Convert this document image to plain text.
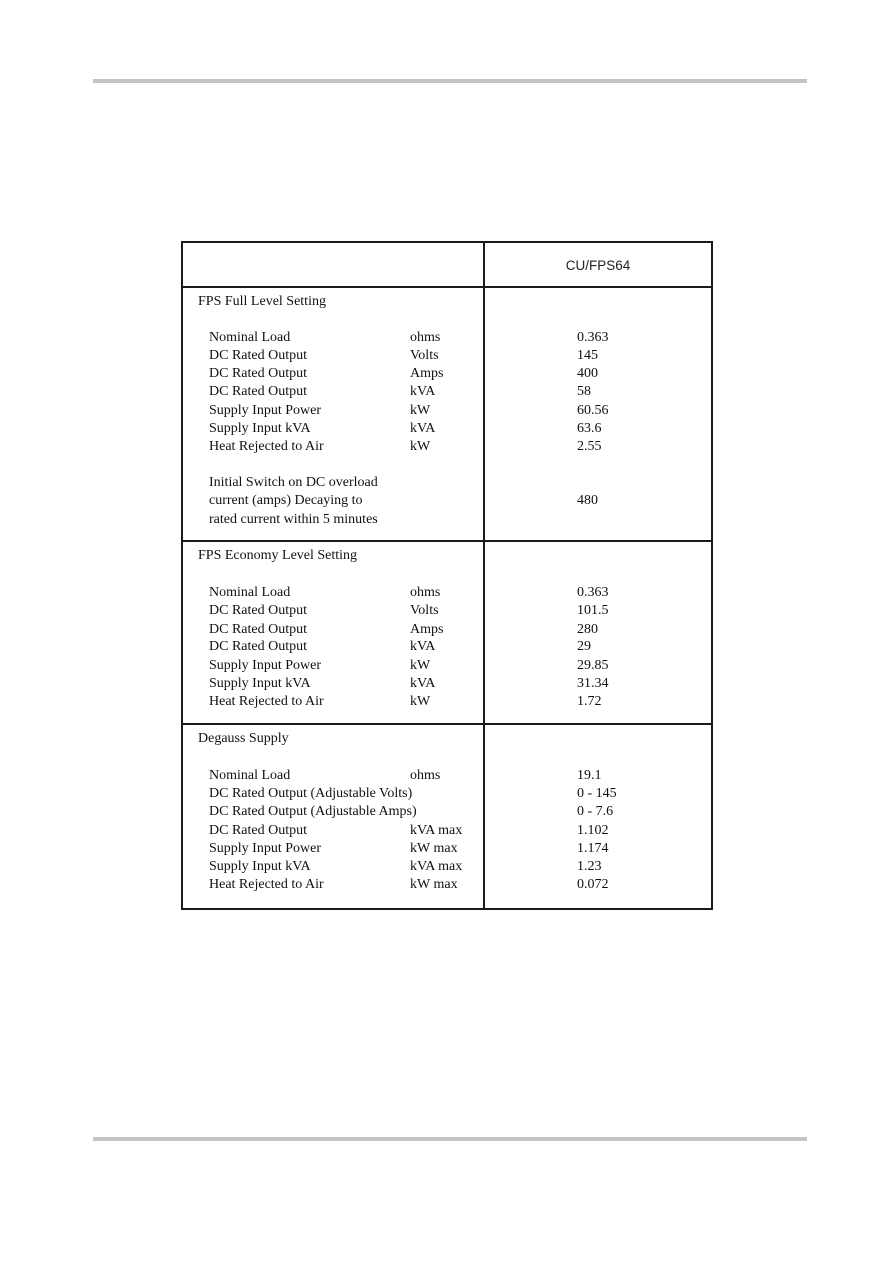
CU/FPS64
FPS Full Level Setting
Nominal Load	ohms	0.363
DC Rated Output	Volts	145
DC Rated Output	Amps	400
DC Rated Output	kVA	58
Supply Input Power	kW	60.56
Supply Input kVA	kVA	63.6
Heat Rejected to Air	kW	2.55
Initial Switch on DC overload
current (amps) Decaying to
rated current within 5 minutes
480
FPS Economy Level Setting
Nominal Load	ohms	0.363
DC Rated Output	Volts	101.5
DC Rated Output	Amps	280
DC Rated Output	kVA	29
Supply Input Power	kW	29.85
Supply Input kVA	kVA	31.34
Heat Rejected to Air	kW	1.72
Degauss Supply
Nominal Load	ohms	19.1
DC Rated Output (Adjustable Volts)	0 - 145
DC Rated Output (Adjustable Amps)	0 - 7.6
DC Rated Output	kVA max	1.102
Supply Input Power	kW max	1.174
Supply Input kVA	kVA max	1.23
Heat Rejected to Air	kW max	0.072
